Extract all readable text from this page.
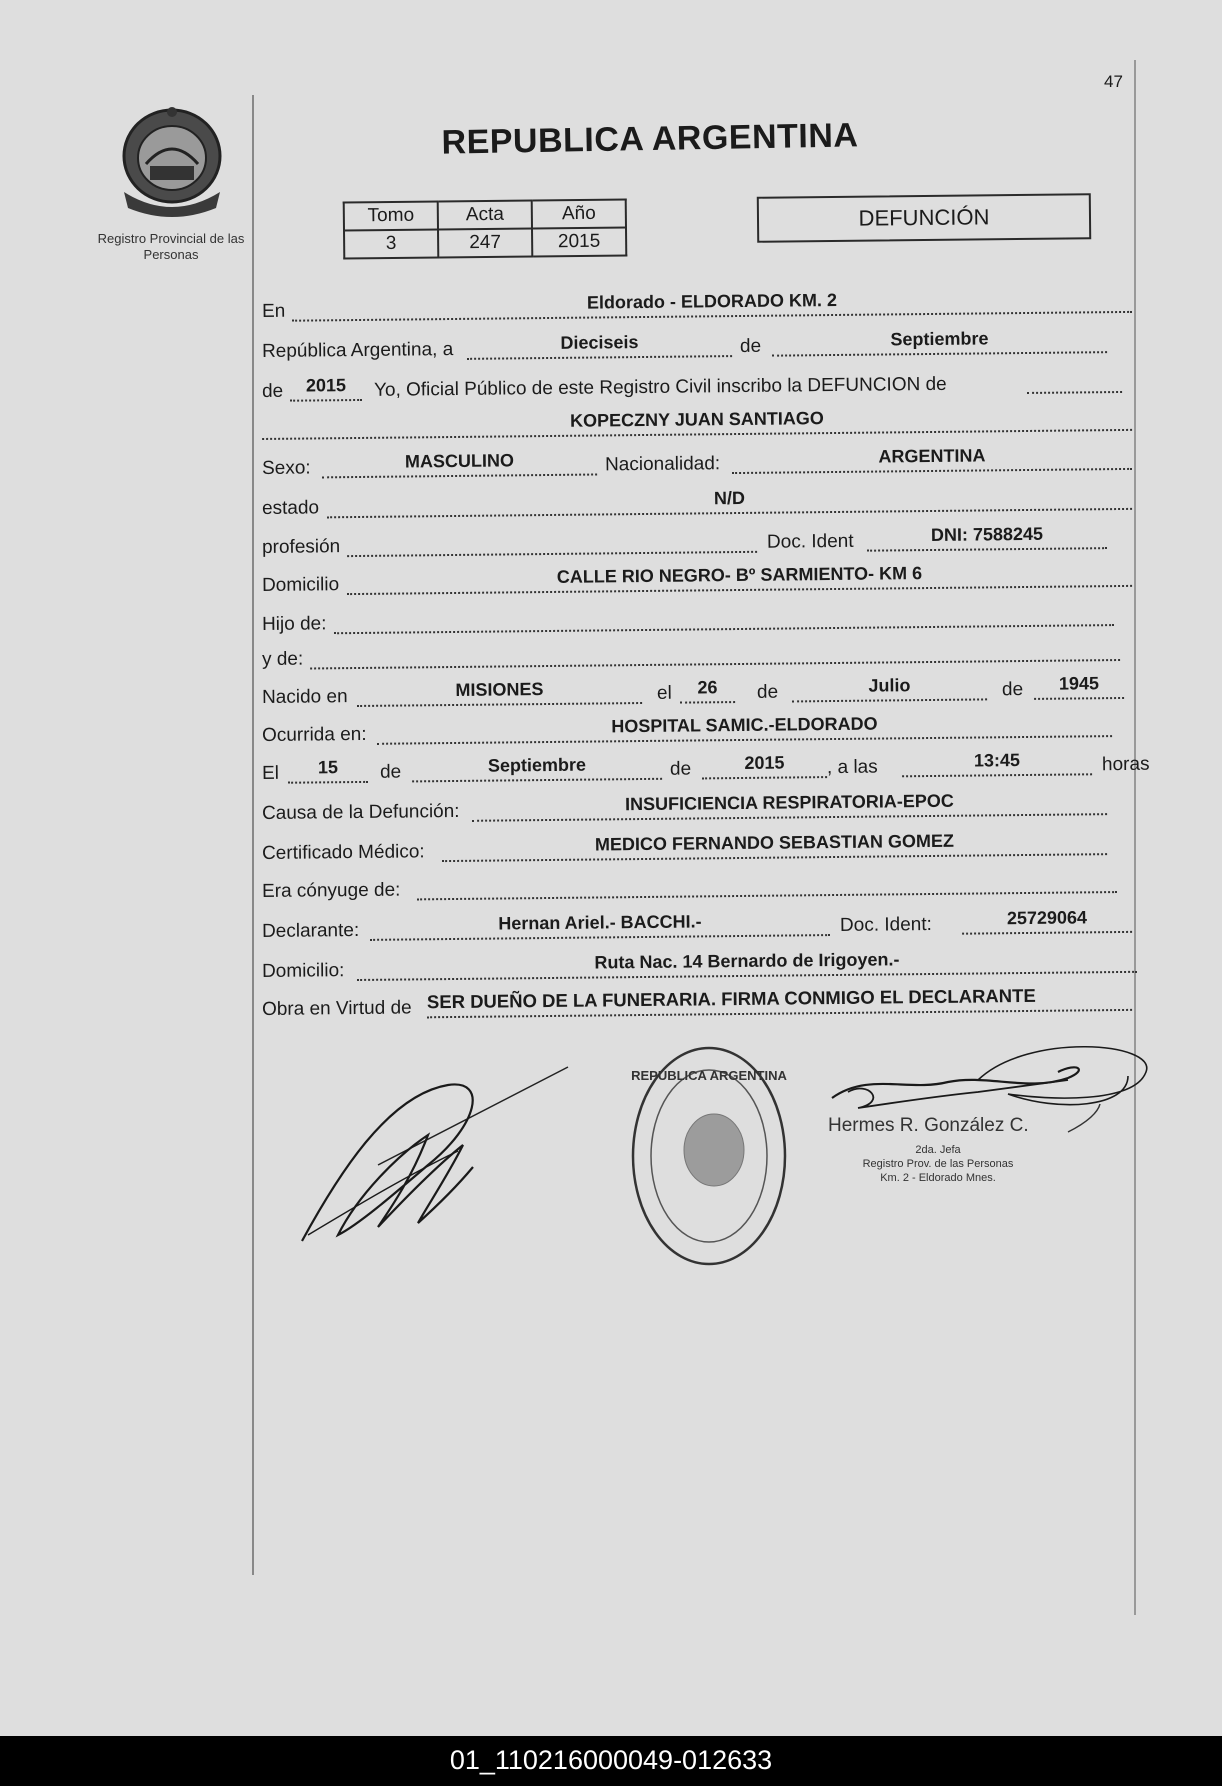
47
Registro Provincial de las Personas
REPUBLICA ARGENTINA
Tomo	Acta	Año
3	247	2015
DEFUNCIÓN
En	Eldorado - ELDORADO KM. 2
República Argentina, a	Dieciseis	de	Septiembre
de	2015	Yo, Oficial Público de este Registro Civil inscribo la DEFUNCION de
KOPECZNY JUAN SANTIAGO
Sexo:	MASCULINO	Nacionalidad:	ARGENTINA
estado	N/D
profesión	Doc. Ident	DNI: 7588245
Domicilio	CALLE RIO NEGRO- Bº SARMIENTO- KM 6
Hijo de:
y de:
Nacido en	MISIONES	el	26	de	Julio	de	1945
Ocurrida en:	HOSPITAL SAMIC.-ELDORADO
El	15	de	Septiembre	de	2015	, a las	13:45	horas
Causa de la Defunción:	INSUFICIENCIA RESPIRATORIA-EPOC
Certificado Médico:	MEDICO FERNANDO SEBASTIAN GOMEZ
Era cónyuge de:
Declarante:	Hernan Ariel.- BACCHI.-	Doc. Ident:	25729064
Domicilio:	Ruta Nac. 14 Bernardo de Irigoyen.-
Obra en Virtud de SER DUEÑO DE LA FUNERARIA. FIRMA CONMIGO EL DECLARANTE
REPUBLICA ARGENTINA
Hermes R. González C.
2da. Jefa
Registro Prov. de las Personas
Km. 2 - Eldorado Mnes.
01_110216000049-012633
